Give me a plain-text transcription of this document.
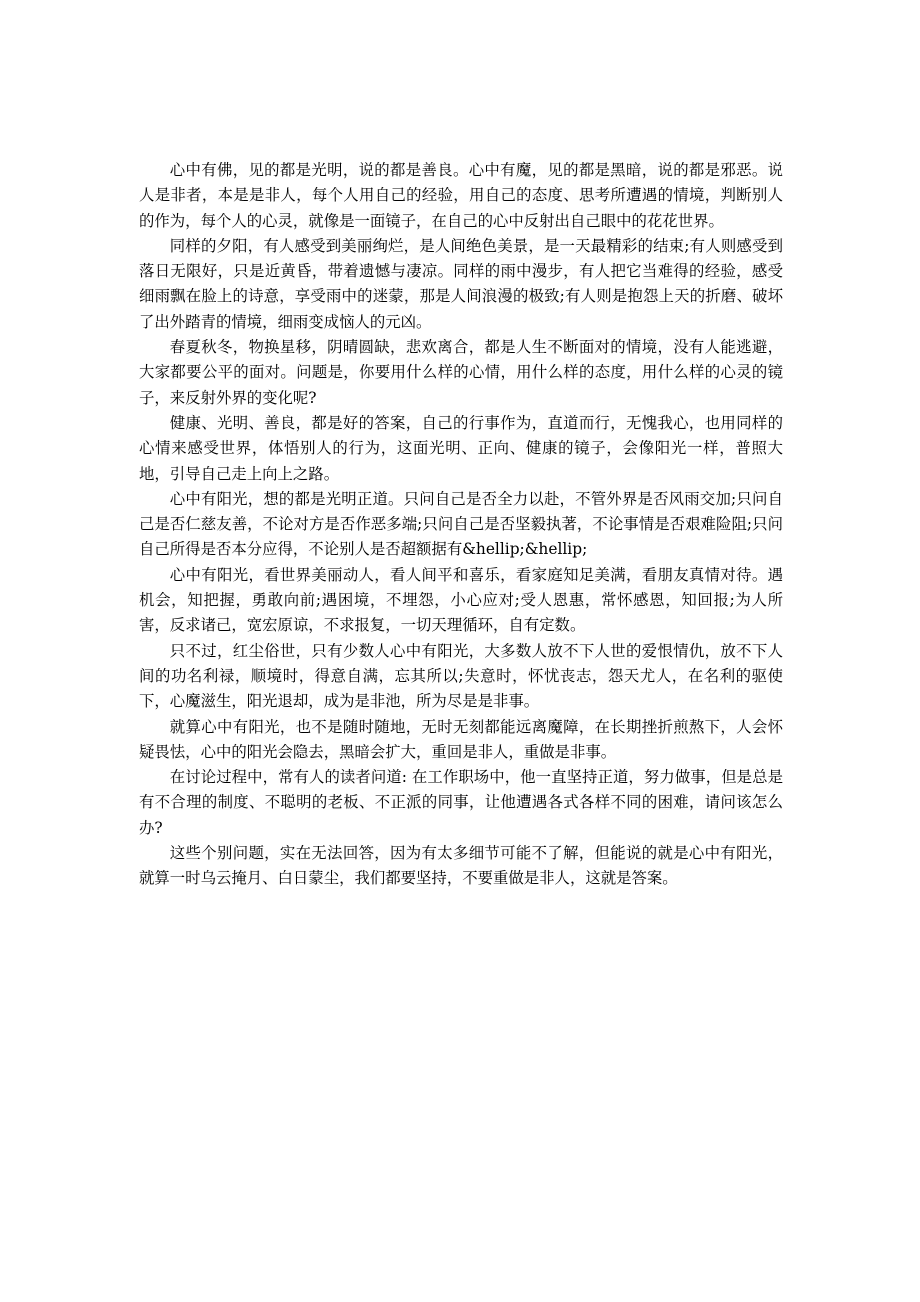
心中有佛，见的都是光明，说的都是善良。心中有魔，见的都是黑暗，说的都是邪恶。说人是非者，本是是非人，每个人用自己的经验，用自己的态度、思考所遭遇的情境，判断别人的作为，每个人的心灵，就像是一面镜子，在自己的心中反射出自己眼中的花花世界。

同样的夕阳，有人感受到美丽绚烂，是人间绝色美景，是一天最精彩的结束;有人则感受到落日无限好，只是近黄昏，带着遗憾与凄凉。同样的雨中漫步，有人把它当难得的经验，感受细雨飘在脸上的诗意，享受雨中的迷蒙，那是人间浪漫的极致;有人则是抱怨上天的折磨、破坏了出外踏青的情境，细雨变成恼人的元凶。

春夏秋冬，物换星移，阴晴圆缺，悲欢离合，都是人生不断面对的情境，没有人能逃避，大家都要公平的面对。问题是，你要用什么样的心情，用什么样的态度，用什么样的心灵的镜子，来反射外界的变化呢?

健康、光明、善良，都是好的答案，自己的行事作为，直道而行，无愧我心，也用同样的心情来感受世界，体悟别人的行为，这面光明、正向、健康的镜子，会像阳光一样，普照大地，引导自己走上向上之路。

心中有阳光，想的都是光明正道。只问自己是否全力以赴，不管外界是否风雨交加;只问自己是否仁慈友善，不论对方是否作恶多端;只问自己是否坚毅执著，不论事情是否艰难险阻;只问自己所得是否本分应得，不论别人是否超额据有&hellip;&hellip;

心中有阳光，看世界美丽动人，看人间平和喜乐，看家庭知足美满，看朋友真情对待。遇机会，知把握，勇敢向前;遇困境，不埋怨，小心应对;受人恩惠，常怀感恩，知回报;为人所害，反求诸己，宽宏原谅，不求报复，一切天理循环，自有定数。

只不过，红尘俗世，只有少数人心中有阳光，大多数人放不下人世的爱恨情仇，放不下人间的功名利禄，顺境时，得意自满，忘其所以;失意时，怀忧丧志，怨天尤人，在名利的驱使下，心魔滋生，阳光退却，成为是非池，所为尽是是非事。

就算心中有阳光，也不是随时随地，无时无刻都能远离魔障，在长期挫折煎熬下，人会怀疑畏怯，心中的阳光会隐去，黑暗会扩大，重回是非人，重做是非事。

在讨论过程中，常有人的读者问道: 在工作职场中，他一直坚持正道，努力做事，但是总是有不合理的制度、不聪明的老板、不正派的同事，让他遭遇各式各样不同的困难，请问该怎么办?

这些个别问题，实在无法回答，因为有太多细节可能不了解，但能说的就是心中有阳光，就算一时乌云掩月、白日蒙尘，我们都要坚持，不要重做是非人，这就是答案。
